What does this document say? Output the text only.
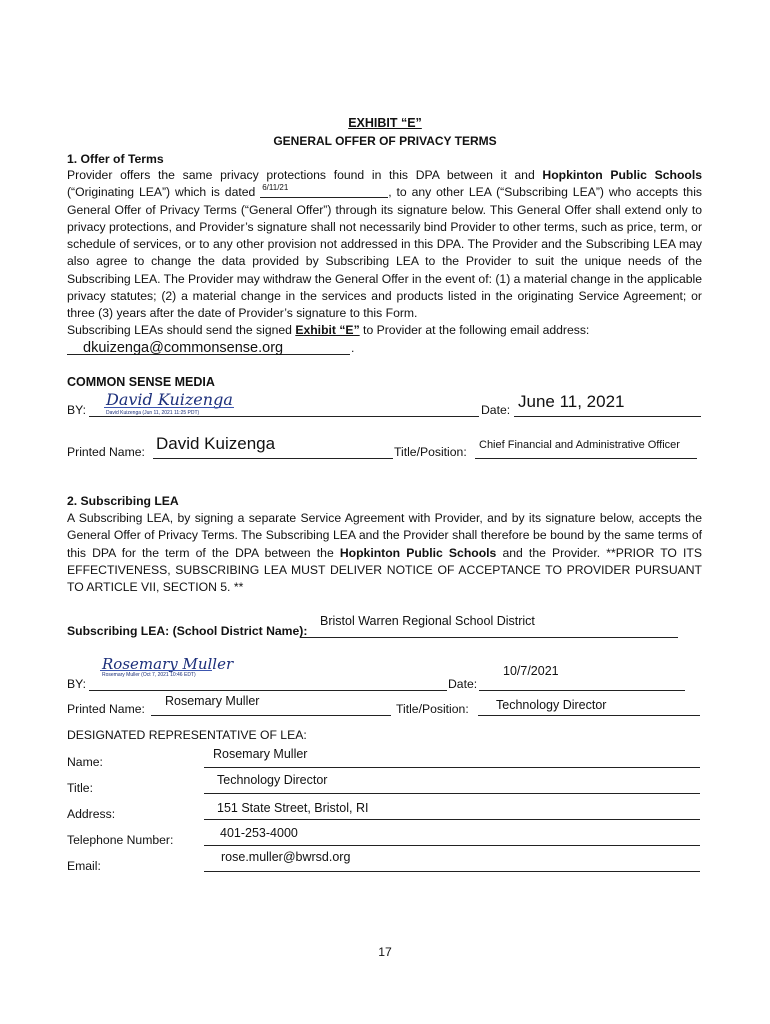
EXHIBIT “E”
GENERAL OFFER OF PRIVACY TERMS
1. Offer of Terms
Provider offers the same privacy protections found in this DPA between it and Hopkinton Public Schools (“Originating LEA”) which is dated 6/11/21	, to any other LEA (“Subscribing LEA”) who accepts this General Offer of Privacy Terms (“General Offer”) through its signature below. This General Offer shall extend only to privacy protections, and Provider’s signature shall not necessarily bind Provider to other terms, such as price, term, or schedule of services, or to any other provision not addressed in this DPA. The Provider and the Subscribing LEA may also agree to change the data provided by Subscribing LEA to the Provider to suit the unique needs of the Subscribing LEA. The Provider may withdraw the General Offer in the event of: (1) a material change in the applicable privacy statutes; (2) a material change in the services and products listed in the originating Service Agreement; or three (3) years after the date of Provider’s signature to this Form.
Subscribing LEAs should send the signed Exhibit “E” to Provider at the following email address:
dkuizenga@commonsense.org	.
COMMON SENSE MEDIA
BY:
David Kuizenga
David Kuizenga (Jun 11, 2021 11:25 PDT)	Date: June 11, 2021
Printed Name: David Kuizenga	Title/Position: Chief Financial and Administrative Officer
2. Subscribing LEA
A Subscribing LEA, by signing a separate Service Agreement with Provider, and by its signature below, accepts the General Offer of Privacy Terms. The Subscribing LEA and the Provider shall therefore be bound by the same terms of this DPA for the term of the DPA between the Hopkinton Public Schools and the Provider. **PRIOR TO ITS EFFECTIVENESS, SUBSCRIBING LEA MUST DELIVER NOTICE OF ACCEPTANCE TO PROVIDER PURSUANT TO ARTICLE VII, SECTION 5. **
Subscribing LEA: (School District Name):
Bristol Warren Regional School District
Rosemary Muller
Rosemary Muller (Oct 7, 2021 10:46 EDT)
BY:	Date:
10/7/2021
Printed Name:
Rosemary Muller
Title/Position: Technology Director
DESIGNATED REPRESENTATIVE OF LEA:
Name:
Rosemary Muller
Title:
Technology Director
Address:	151 State Street, Bristol, RI
Telephone Number:	401-253-4000
Email:
rose.muller@bwrsd.org
17
